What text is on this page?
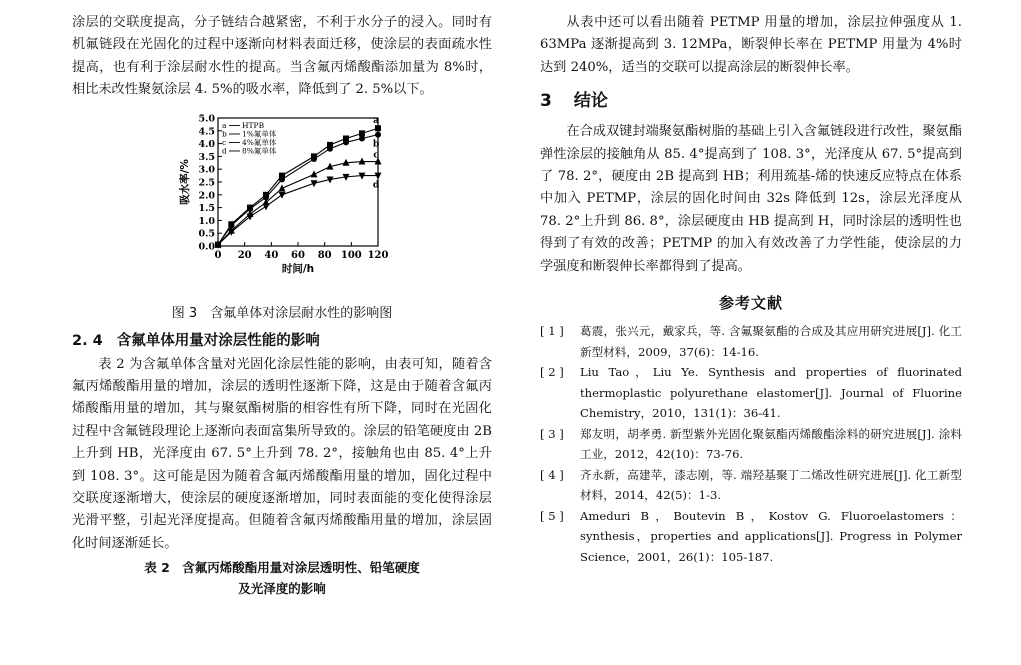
涂层的交联度提高，分子链结合越紧密，不利于水分子的浸入。同时有机氟链段在光固化的过程中逐渐向材料表面迁移，使涂层的表面疏水性提高，也有利于涂层耐水性的提高。当含氟丙烯酸酯添加量为 8%时，相比未改性聚氨涂层 4. 5%的吸水率，降低到了 2. 5%以下。

0.0
0.5
1.0
1.5
2.0
2.5
3.0
3.5
4.0
4.5
5.0
0 20 40 60 80 100 120
时间/h
吸水率/%
a
b
c
d
a HTPB
b 1%氟单体
c 4%氟单体
d 8%氟单体
图 3　含氟单体对涂层耐水性的影响图
2. 4 含氟单体用量对涂层性能的影响

表 2 为含氟单体含量对光固化涂层性能的影响，由表可知，随着含氟丙烯酸酯用量的增加，涂层的透明性逐渐下降，这是由于随着含氟丙烯酸酯用量的增加，其与聚氨酯树脂的相容性有所下降，同时在光固化过程中含氟链段理论上逐渐向表面富集所导致的。涂层的铅笔硬度由 2B 上升到 HB，光泽度由 67. 5°上升到 78. 2°，接触角也由 85. 4°上升到 108. 3°。这可能是因为随着含氟丙烯酸酯用量的增加，固化过程中交联度逐渐增大，使涂层的硬度逐渐增加，同时表面能的变化使得涂层光滑平整，引起光泽度提高。但随着含氟丙烯酸酯用量的增加，涂层固化时间逐渐延长。

表 2　含氟丙烯酸酯用量对涂层透明性、铅笔硬度
及光泽度的影响

从表中还可以看出随着 PETMP 用量的增加，涂层拉伸强度从 1. 63MPa 逐渐提高到 3. 12MPa，断裂伸长率在 PETMP 用量为 4%时达到 240%，适当的交联可以提高涂层的断裂伸长率。

3 结论

在合成双键封端聚氨酯树脂的基础上引入含氟链段进行改性，聚氨酯弹性涂层的接触角从 85. 4°提高到了 108. 3°，光泽度从 67. 5°提高到了 78. 2°，硬度由 2B 提高到 HB；利用巯基-烯的快速反应特点在体系中加入 PETMP，涂层的固化时间由 32s 降低到 12s，涂层光泽度从 78. 2°上升到 86. 8°，涂层硬度由 HB 提高到 H，同时涂层的透明性也得到了有效的改善；PETMP 的加入有效改善了力学性能，使涂层的力学强度和断裂伸长率都得到了提高。

参考文献
[ 1 ]	葛震，张兴元，戴家兵，等. 含氟聚氨酯的合成及其应用研究进展[J]. 化工新型材料，2009，37(6)：14-16.
[ 2 ]	Liu Tao，Liu Ye. Synthesis and properties of fluorinated thermoplastic polyurethane elastomer[J]. Journal of Fluorine Chemistry，2010，131(1)：36-41.
[ 3 ]	郑友明，胡孝勇. 新型紫外光固化聚氨酯丙烯酸酯涂料的研究进展[J]. 涂料工业，2012，42(10)：73-76.
[ 4 ]	齐永新，高建苹，漆志刚，等. 端羟基聚丁二烯改性研究进展[J]. 化工新型材料，2014，42(5)：1-3.
[ 5 ]	Ameduri B，Boutevin B，Kostov G. Fluoroelastomers：synthesis，properties and applications[J]. Progress in Polymer Science，2001，26(1)：105-187.
